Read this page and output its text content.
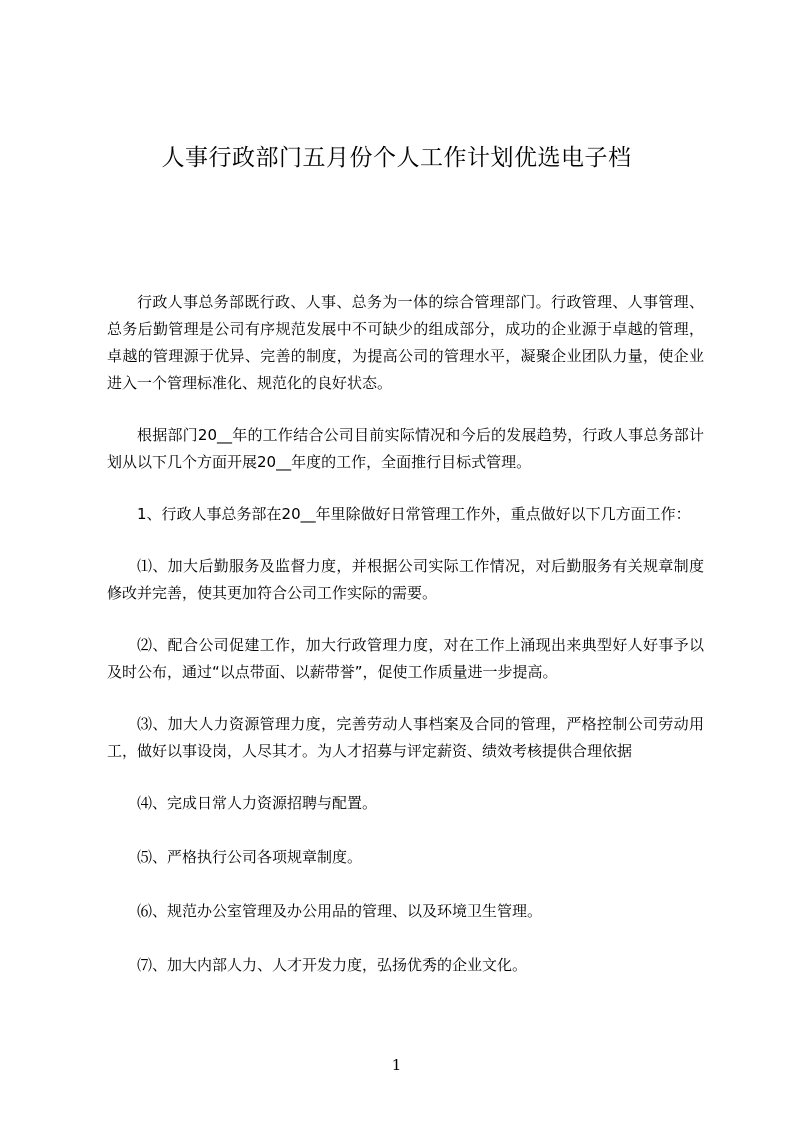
人事行政部门五月份个人工作计划优选电子档

行政人事总务部既行政、人事、总务为一体的综合管理部门。行政管理、人事管理、总务后勤管理是公司有序规范发展中不可缺少的组成部分，成功的企业源于卓越的管理，卓越的管理源于优异、完善的制度，为提高公司的管理水平，凝聚企业团队力量，使企业进入一个管理标准化、规范化的良好状态。

根据部门20__年的工作结合公司目前实际情况和今后的发展趋势，行政人事总务部计划从以下几个方面开展20__年度的工作，全面推行目标式管理。

1、行政人事总务部在20__年里除做好日常管理工作外，重点做好以下几方面工作：

⑴、加大后勤服务及监督力度，并根据公司实际工作情况，对后勤服务有关规章制度修改并完善，使其更加符合公司工作实际的需要。

⑵、配合公司促建工作，加大行政管理力度，对在工作上涌现出来典型好人好事予以及时公布，通过“以点带面、以薪带誉”，促使工作质量进一步提高。

⑶、加大人力资源管理力度，完善劳动人事档案及合同的管理，严格控制公司劳动用工，做好以事设岗，人尽其才。为人才招募与评定薪资、绩效考核提供合理依据

⑷、完成日常人力资源招聘与配置。

⑸、严格执行公司各项规章制度。

⑹、规范办公室管理及办公用品的管理、以及环境卫生管理。

⑺、加大内部人力、人才开发力度，弘扬优秀的企业文化。

1
